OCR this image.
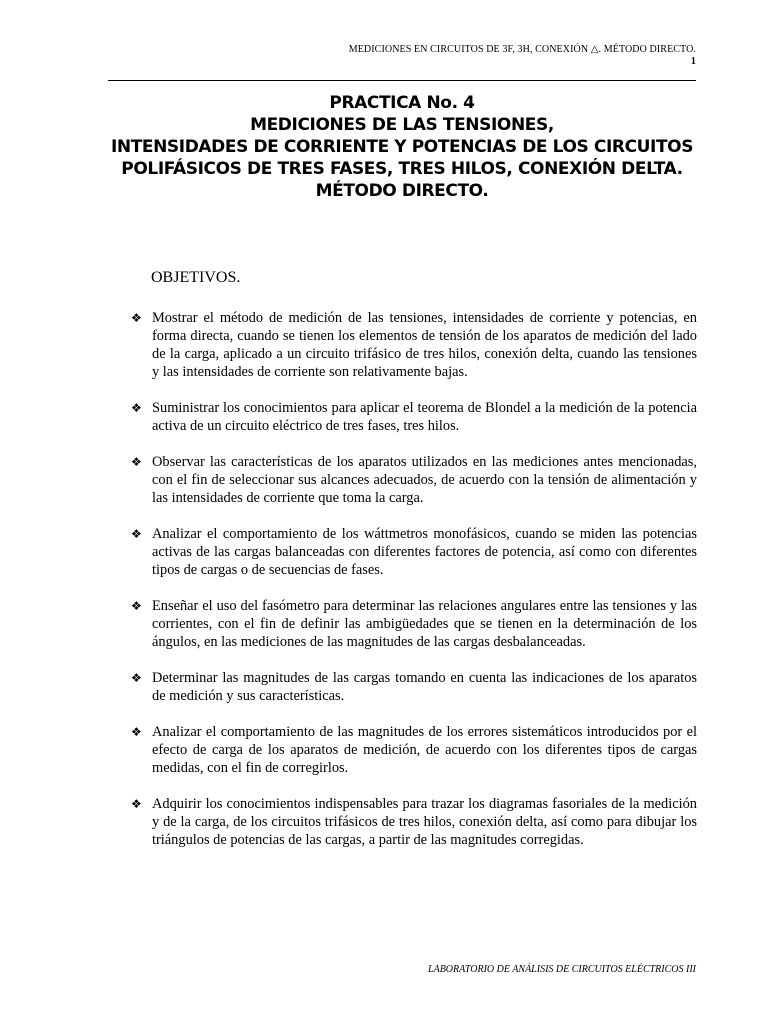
MEDICIONES EN CIRCUITOS DE 3F, 3H, CONEXIÓN △. MÉTODO DIRECTO.
1
PRACTICA No. 4
MEDICIONES DE LAS TENSIONES,
INTENSIDADES DE CORRIENTE Y POTENCIAS DE LOS CIRCUITOS
POLIFÁSICOS DE TRES FASES, TRES HILOS, CONEXIÓN DELTA.
MÉTODO DIRECTO.
OBJETIVOS.
❖ Mostrar el método de medición de las tensiones, intensidades de corriente y potencias, en forma directa, cuando se tienen los elementos de tensión de los aparatos de medición del lado de la carga, aplicado a un circuito trifásico de tres hilos, conexión delta, cuando las tensiones y las intensidades de corriente son relativamente bajas.
❖ Suministrar los conocimientos para aplicar el teorema de Blondel a la medición de la potencia activa de un circuito eléctrico de tres fases, tres hilos.
❖ Observar las características de los aparatos utilizados en las mediciones antes mencionadas, con el fin de seleccionar sus alcances adecuados, de acuerdo con la tensión de alimentación y las intensidades de corriente que toma la carga.
❖ Analizar el comportamiento de los wáttmetros monofásicos, cuando se miden las potencias activas de las cargas balanceadas con diferentes factores de potencia, así como con diferentes tipos de cargas o de secuencias de fases.
❖ Enseñar el uso del fasómetro para determinar las relaciones angulares entre las tensiones y las corrientes, con el fin de definir las ambigüedades que se tienen en la determinación de los ángulos, en las mediciones de las magnitudes de las cargas desbalanceadas.
❖ Determinar las magnitudes de las cargas tomando en cuenta las indicaciones de los aparatos de medición y sus características.
❖ Analizar el comportamiento de las magnitudes de los errores sistemáticos introducidos por el efecto de carga de los aparatos de medición, de acuerdo con los diferentes tipos de cargas medidas, con el fin de corregirlos.
❖ Adquirir los conocimientos indispensables para trazar los diagramas fasoriales de la medición y de la carga, de los circuitos trifásicos de tres hilos, conexión delta, así como para dibujar los triángulos de potencias de las cargas, a partir de las magnitudes corregidas.
LABORATORIO DE ANÁLISIS DE CIRCUITOS ELÉCTRICOS III
